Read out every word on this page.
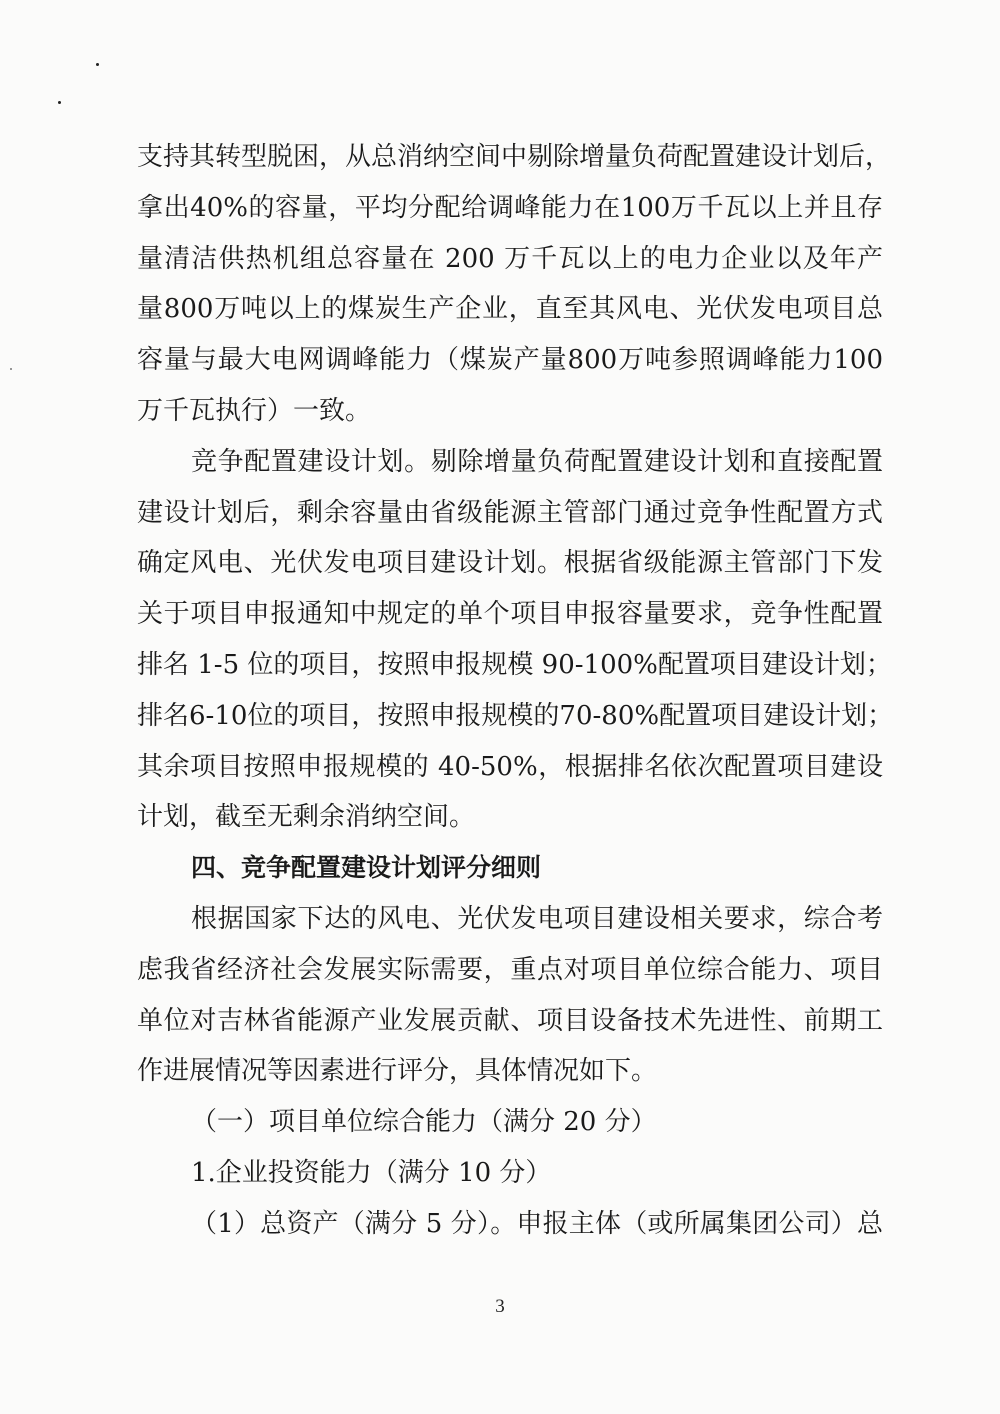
支持其转型脱困，从总消纳空间中剔除增量负荷配置建设计划后，
拿出40%的容量，平均分配给调峰能力在100万千瓦以上并且存
量清洁供热机组总容量在 200 万千瓦以上的电力企业以及年产
量800万吨以上的煤炭生产企业，直至其风电、光伏发电项目总
容量与最大电网调峰能力（煤炭产量800万吨参照调峰能力100
万千瓦执行）一致。
竞争配置建设计划。剔除增量负荷配置建设计划和直接配置
建设计划后，剩余容量由省级能源主管部门通过竞争性配置方式
确定风电、光伏发电项目建设计划。根据省级能源主管部门下发
关于项目申报通知中规定的单个项目申报容量要求，竞争性配置
排名 1-5 位的项目，按照申报规模 90-100%配置项目建设计划；
排名6-10位的项目，按照申报规模的70-80%配置项目建设计划；
其余项目按照申报规模的 40-50%，根据排名依次配置项目建设
计划，截至无剩余消纳空间。
四、竞争配置建设计划评分细则
根据国家下达的风电、光伏发电项目建设相关要求，综合考
虑我省经济社会发展实际需要，重点对项目单位综合能力、项目
单位对吉林省能源产业发展贡献、项目设备技术先进性、前期工
作进展情况等因素进行评分，具体情况如下。
（一）项目单位综合能力（满分 20 分）
1.企业投资能力（满分 10 分）
（1）总资产（满分 5 分）。申报主体（或所属集团公司）总
3
